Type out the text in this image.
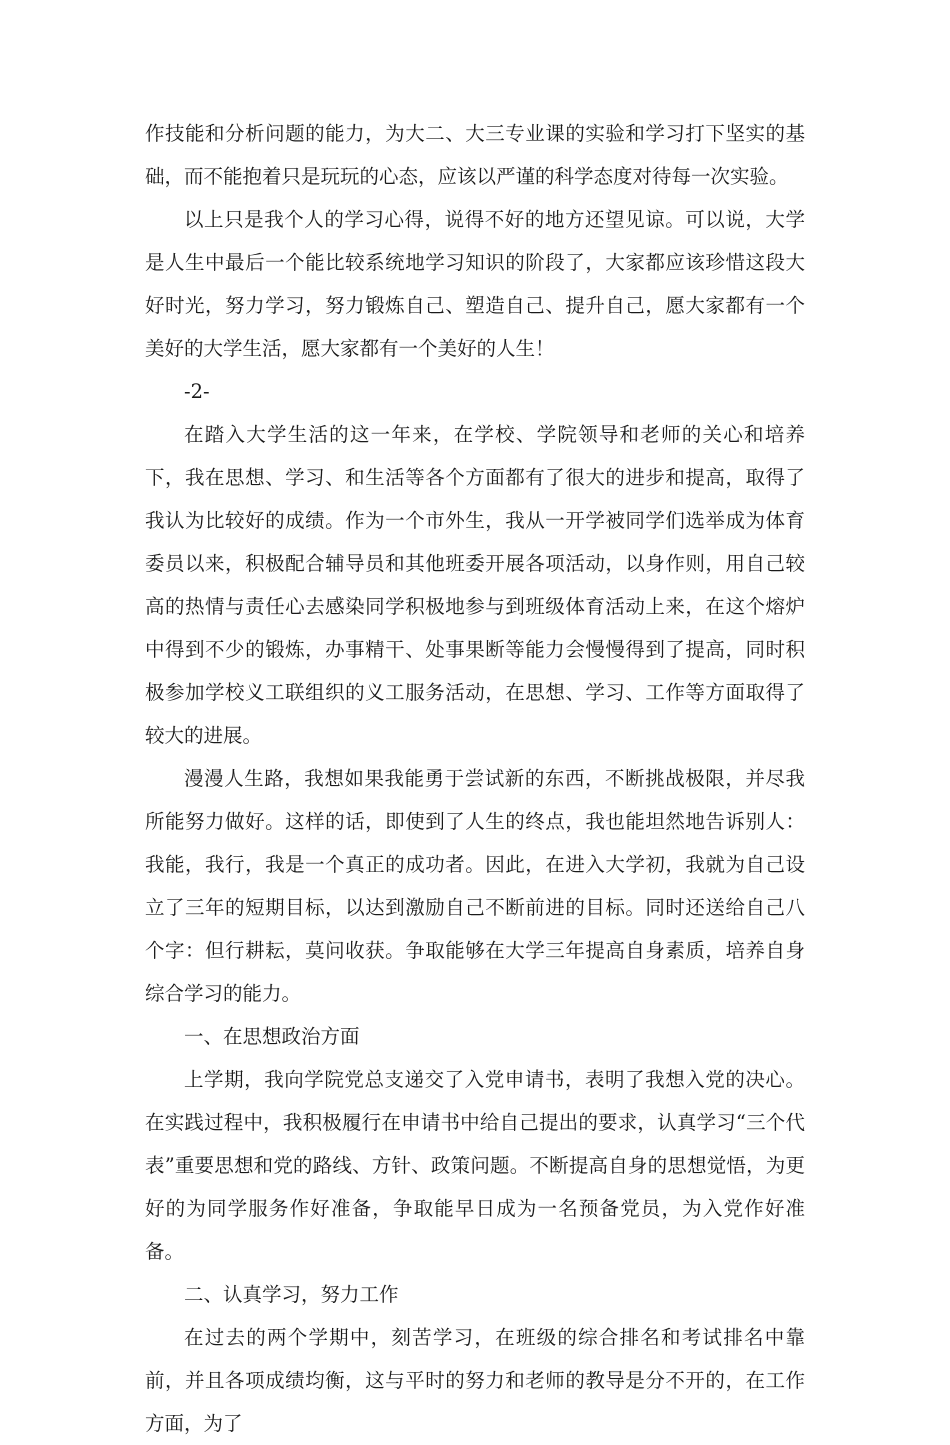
作技能和分析问题的能力，为大二、大三专业课的实验和学习打下坚实的基础，而不能抱着只是玩玩的心态，应该以严谨的科学态度对待每一次实验。

以上只是我个人的学习心得，说得不好的地方还望见谅。可以说，大学是人生中最后一个能比较系统地学习知识的阶段了，大家都应该珍惜这段大好时光，努力学习，努力锻炼自己、塑造自己、提升自己，愿大家都有一个美好的大学生活，愿大家都有一个美好的人生！

-2-

在踏入大学生活的这一年来，在学校、学院领导和老师的关心和培养下，我在思想、学习、和生活等各个方面都有了很大的进步和提高，取得了我认为比较好的成绩。作为一个市外生，我从一开学被同学们选举成为体育委员以来，积极配合辅导员和其他班委开展各项活动，以身作则，用自己较高的热情与责任心去感染同学积极地参与到班级体育活动上来，在这个熔炉中得到不少的锻炼，办事精干、处事果断等能力会慢慢得到了提高，同时积极参加学校义工联组织的义工服务活动，在思想、学习、工作等方面取得了较大的进展。

漫漫人生路，我想如果我能勇于尝试新的东西，不断挑战极限，并尽我所能努力做好。这样的话，即使到了人生的终点，我也能坦然地告诉别人：我能，我行，我是一个真正的成功者。因此，在进入大学初，我就为自己设立了三年的短期目标，以达到激励自己不断前进的目标。同时还送给自己八个字：但行耕耘，莫问收获。争取能够在大学三年提高自身素质，培养自身综合学习的能力。

一、在思想政治方面

上学期，我向学院党总支递交了入党申请书，表明了我想入党的决心。在实践过程中，我积极履行在申请书中给自己提出的要求，认真学习“三个代表”重要思想和党的路线、方针、政策问题。不断提高自身的思想觉悟，为更好的为同学服务作好准备，争取能早日成为一名预备党员，为入党作好准备。

二、认真学习，努力工作

在过去的两个学期中，刻苦学习，在班级的综合排名和考试排名中靠前，并且各项成绩均衡，这与平时的努力和老师的教导是分不开的，在工作方面，为了
